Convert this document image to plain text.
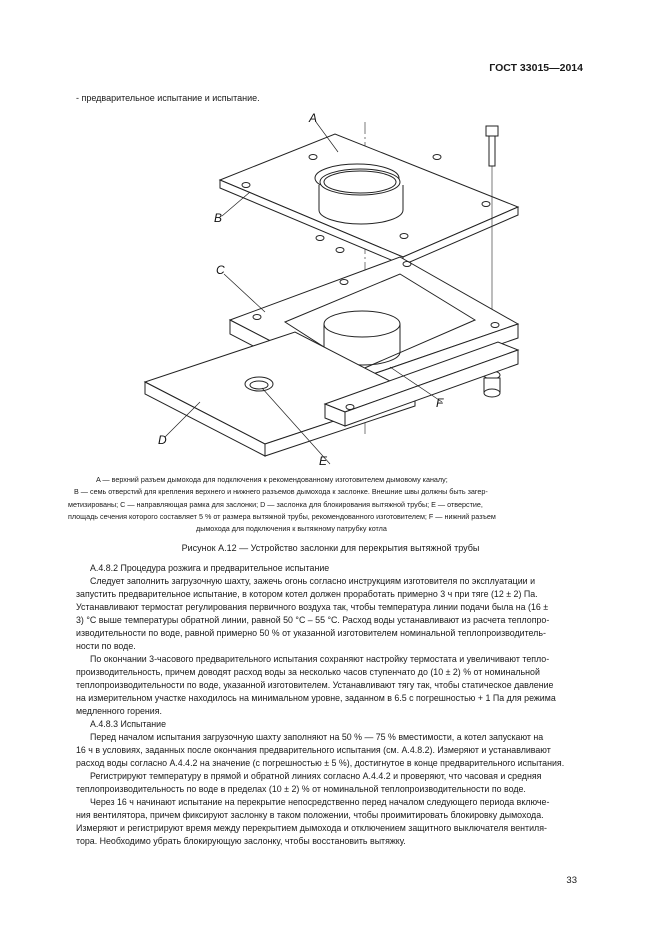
ГОСТ 33015—2014
- предварительное испытание и испытание.
A
B
C
D
E
F
A — верхний разъем дымохода для подключения к рекомендованному изготовителем дымовому каналу;
B — семь отверстий для крепления верхнего и нижнего разъемов дымохода к заслонке. Внешние швы должны быть загер-
метизированы; C — направляющая рамка для заслонки; D — заслонка для блокирования вытяжной трубы; E — отверстие,
площадь сечения которого составляет 5 % от размера вытяжной трубы, рекомендованного изготовителем; F — нижний разъем
дымохода для подключения к вытяжному патрубку котла
Рисунок А.12 — Устройство заслонки для перекрытия вытяжной трубы

А.4.8.2 Процедура розжига и предварительное испытание

Следует заполнить загрузочную шахту, зажечь огонь согласно инструкциям изготовителя по эксплуатации и

запустить предварительное испытание, в котором котел должен проработать примерно 3 ч при тяге (12 ± 2) Па.

Устанавливают термостат регулирования первичного воздуха так, чтобы температура линии подачи была на (16 ±

3) °С выше температуры обратной линии, равной 50 °С – 55 °С. Расход воды устанавливают из расчета теплопро-

изводительности по воде, равной примерно 50 % от указанной изготовителем номинальной теплопроизводитель-

ности по воде.

По окончании 3-часового предварительного испытания сохраняют настройку термостата и увеличивают тепло-

производительность, причем доводят расход воды за несколько часов ступенчато до (10 ± 2) % от номинальной

теплопроизводительности по воде, указанной изготовителем. Устанавливают тягу так, чтобы статическое давление

на измерительном участке находилось на минимальном уровне, заданном в 6.5 с погрешностью + 1 Па для режима

медленного горения.

А.4.8.3 Испытание

Перед началом испытания загрузочную шахту заполняют на 50 % — 75 % вместимости, а котел запускают на

16 ч в условиях, заданных после окончания предварительного испытания (см. А.4.8.2). Измеряют и устанавливают

расход воды согласно А.4.4.2 на значение (с погрешностью ± 5 %), достигнутое в конце предварительного испытания.

Регистрируют температуру в прямой и обратной линиях согласно А.4.4.2 и проверяют, что часовая и средняя

теплопроизводительность по воде в пределах (10 ± 2) % от номинальной теплопроизводительности по воде.

Через 16 ч начинают испытание на перекрытие непосредственно перед началом следующего периода включе-

ния вентилятора, причем фиксируют заслонку в таком положении, чтобы проимитировать блокировку дымохода.

Измеряют и регистрируют время между перекрытием дымохода и отключением защитного выключателя вентиля-

тора. Необходимо убрать блокирующую заслонку, чтобы восстановить вытяжку.

33
